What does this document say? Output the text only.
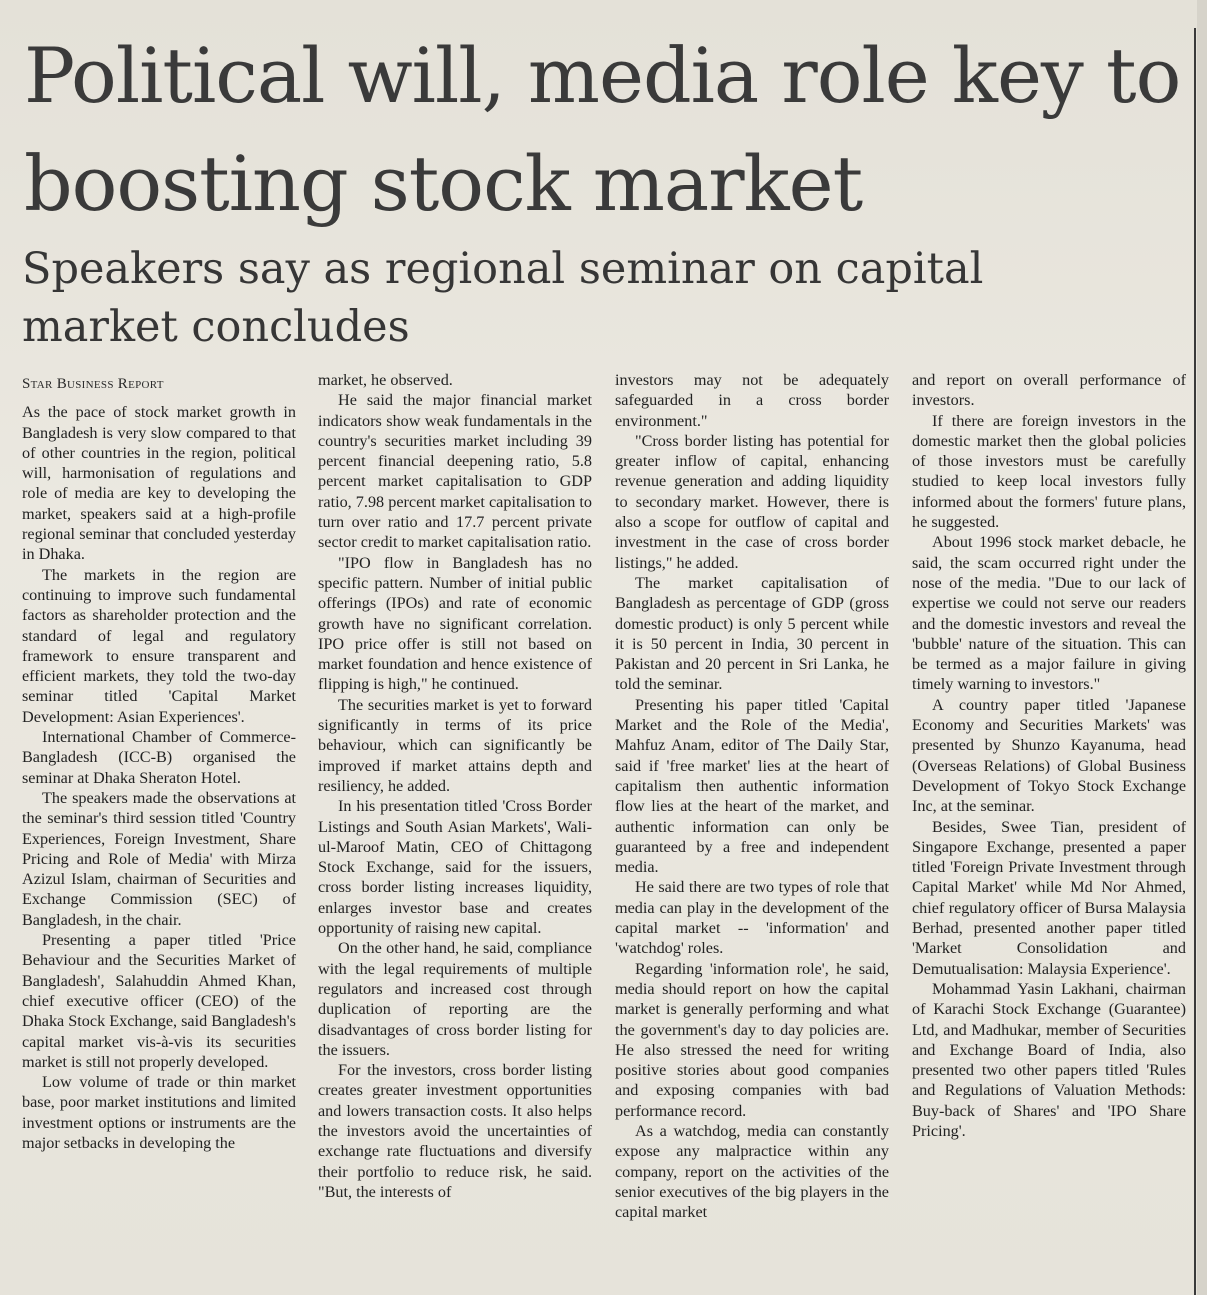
Political will, media role key to boosting stock market
Speakers say as regional seminar on capital market concludes
Star Business Report

As the pace of stock market growth in Bangladesh is very slow compared to that of other countries in the region, political will, harmonisation of regulations and role of media are key to developing the market, speakers said at a high-profile regional seminar that concluded yesterday in Dhaka.

The markets in the region are continuing to improve such fundamental factors as shareholder protection and the standard of legal and regulatory framework to ensure transparent and efficient markets, they told the two-day seminar titled 'Capital Market Development: Asian Experiences'.

International Chamber of Commerce-Bangladesh (ICC-B) organised the seminar at Dhaka Sheraton Hotel.

The speakers made the observations at the seminar's third session titled 'Country Experiences, Foreign Investment, Share Pricing and Role of Media' with Mirza Azizul Islam, chairman of Securities and Exchange Commission (SEC) of Bangladesh, in the chair.

Presenting a paper titled 'Price Behaviour and the Securities Market of Bangladesh', Salahuddin Ahmed Khan, chief executive officer (CEO) of the Dhaka Stock Exchange, said Bangladesh's capital market vis-à-vis its securities market is still not properly developed.

Low volume of trade or thin market base, poor market institutions and limited investment options or instruments are the major setbacks in developing the

market, he observed.

He said the major financial market indicators show weak fundamentals in the country's securities market including 39 percent financial deepening ratio, 5.8 percent market capitalisation to GDP ratio, 7.98 percent market capitalisation to turn over ratio and 17.7 percent private sector credit to market capitalisation ratio.

"IPO flow in Bangladesh has no specific pattern. Number of initial public offerings (IPOs) and rate of economic growth have no significant correlation. IPO price offer is still not based on market foundation and hence existence of flipping is high," he continued.

The securities market is yet to forward significantly in terms of its price behaviour, which can significantly be improved if market attains depth and resiliency, he added.

In his presentation titled 'Cross Border Listings and South Asian Markets', Wali-ul-Maroof Matin, CEO of Chittagong Stock Exchange, said for the issuers, cross border listing increases liquidity, enlarges investor base and creates opportunity of raising new capital.

On the other hand, he said, compliance with the legal requirements of multiple regulators and increased cost through duplication of reporting are the disadvantages of cross border listing for the issuers.

For the investors, cross border listing creates greater investment opportunities and lowers transaction costs. It also helps the investors avoid the uncertainties of exchange rate fluctuations and diversify their portfolio to reduce risk, he said. "But, the interests of

investors may not be adequately safeguarded in a cross border environment."

"Cross border listing has potential for greater inflow of capital, enhancing revenue generation and adding liquidity to secondary market. However, there is also a scope for outflow of capital and investment in the case of cross border listings," he added.

The market capitalisation of Bangladesh as percentage of GDP (gross domestic product) is only 5 percent while it is 50 percent in India, 30 percent in Pakistan and 20 percent in Sri Lanka, he told the seminar.

Presenting his paper titled 'Capital Market and the Role of the Media', Mahfuz Anam, editor of The Daily Star, said if 'free market' lies at the heart of capitalism then authentic information flow lies at the heart of the market, and authentic information can only be guaranteed by a free and independent media.

He said there are two types of role that media can play in the development of the capital market -- 'information' and 'watchdog' roles.

Regarding 'information role', he said, media should report on how the capital market is generally performing and what the government's day to day policies are. He also stressed the need for writing positive stories about good companies and exposing companies with bad performance record.

As a watchdog, media can constantly expose any malpractice within any company, report on the activities of the senior executives of the big players in the capital market

and report on overall performance of investors.

If there are foreign investors in the domestic market then the global policies of those investors must be carefully studied to keep local investors fully informed about the formers' future plans, he suggested.

About 1996 stock market debacle, he said, the scam occurred right under the nose of the media. "Due to our lack of expertise we could not serve our readers and the domestic investors and reveal the 'bubble' nature of the situation. This can be termed as a major failure in giving timely warning to investors."

A country paper titled 'Japanese Economy and Securities Markets' was presented by Shunzo Kayanuma, head (Overseas Relations) of Global Business Development of Tokyo Stock Exchange Inc, at the seminar.

Besides, Swee Tian, president of Singapore Exchange, presented a paper titled 'Foreign Private Investment through Capital Market' while Md Nor Ahmed, chief regulatory officer of Bursa Malaysia Berhad, presented another paper titled 'Market Consolidation and Demutualisation: Malaysia Experience'.

Mohammad Yasin Lakhani, chairman of Karachi Stock Exchange (Guarantee) Ltd, and Madhukar, member of Securities and Exchange Board of India, also presented two other papers titled 'Rules and Regulations of Valuation Methods: Buy-back of Shares' and 'IPO Share Pricing'.
